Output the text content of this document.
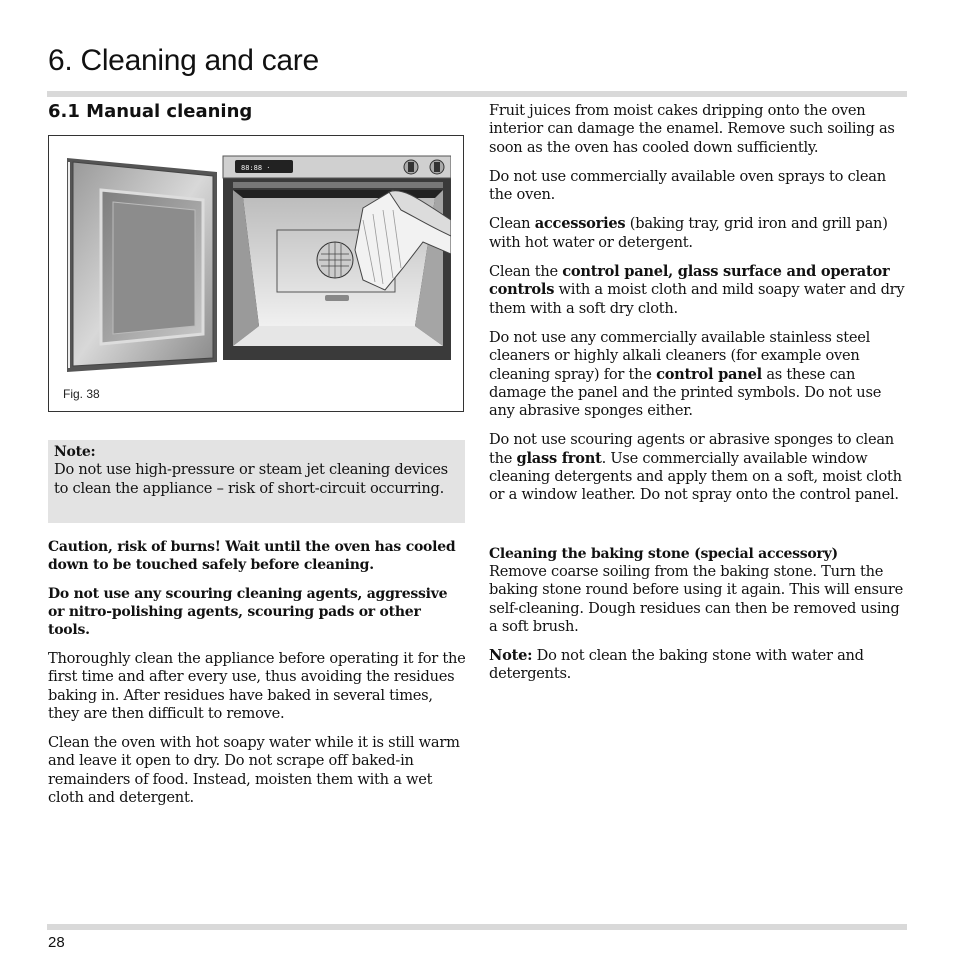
6. Cleaning and care
6.1 Manual cleaning
88:88 ·
Fig. 38
Note:
Do not use high-pressure or steam jet cleaning devices to clean the appliance – risk of short-circuit occurring.

Caution, risk of burns! Wait until the oven has cooled down to be touched safely before cleaning.

Do not use any scouring cleaning agents, aggressive or nitro-polishing agents, scouring pads or other tools.

Thoroughly clean the appliance before operating it for the first time and after every use, thus avoiding the residues baking in. After residues have baked in several times, they are then difficult to remove.

Clean the oven with hot soapy water while it is still warm and leave it open to dry. Do not scrape off baked-in remainders of food. Instead, moisten them with a wet cloth and detergent.

Fruit juices from moist cakes dripping onto the oven interior can damage the enamel. Remove such soiling as soon as the oven has cooled down sufficiently.

Do not use commercially available oven sprays to clean the oven.

Clean accessories (baking tray, grid iron and grill pan) with hot water or detergent.

Clean the control panel, glass surface and operator controls with a moist cloth and mild soapy water and dry them with a soft dry cloth.

Do not use any commercially available stainless steel cleaners or highly alkali cleaners (for example oven cleaning spray) for the control panel as these can damage the panel and the printed symbols. Do not use any abrasive sponges either.

Do not use scouring agents or abrasive sponges to clean the glass front. Use commercially available window cleaning detergents and apply them on a soft, moist cloth or a window leather. Do not spray onto the control panel.

Cleaning the baking stone (special accessory)
Remove coarse soiling from the baking stone. Turn the baking stone round before using it again. This will ensure self-cleaning. Dough residues can then be removed using a soft brush.

Note: Do not clean the baking stone with water and detergents.

28
